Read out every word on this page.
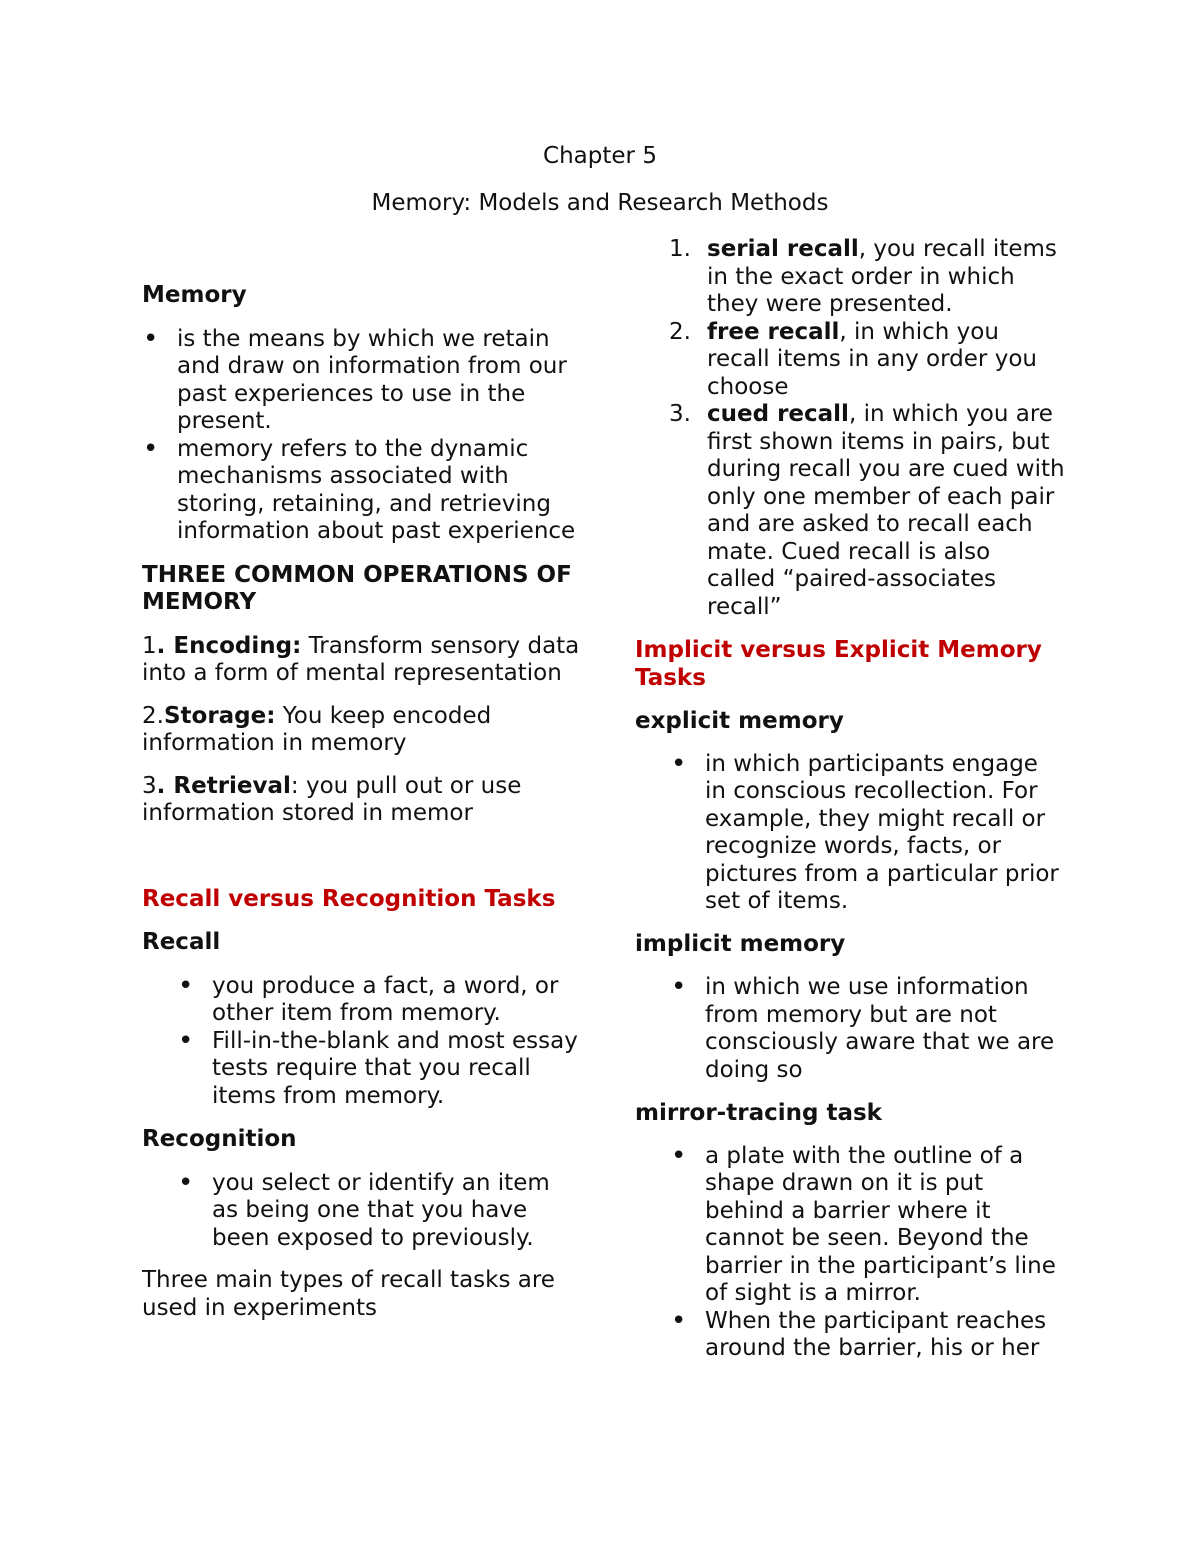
Chapter 5
Memory: Models and Research Methods

Memory

• is the means by which we retain and draw on information from our past experiences to use in the present.
• memory refers to the dynamic mechanisms associated with storing, retaining, and retrieving information about past experience

THREE COMMON OPERATIONS OF MEMORY

1. Encoding: Transform sensory data into a form of mental representation

2.Storage: You keep encoded information in memory

3. Retrieval: you pull out or use information stored in memor

Recall versus Recognition Tasks

Recall

• you produce a fact, a word, or other item from memory.
• Fill-in-the-blank and most essay tests require that you recall items from memory.

Recognition

• you select or identify an item as being one that you have been exposed to previously.

Three main types of recall tasks are used in experiments

1. serial recall, you recall items in the exact order in which they were presented.
2. free recall, in which you recall items in any order you choose
3. cued recall, in which you are first shown items in pairs, but during recall you are cued with only one member of each pair and are asked to recall each mate. Cued recall is also called “paired-associates recall”

Implicit versus Explicit Memory Tasks

explicit memory

• in which participants engage in conscious recollection. For example, they might recall or recognize words, facts, or pictures from a particular prior set of items.

implicit memory

• in which we use information from memory but are not consciously aware that we are doing so

mirror-tracing task

• a plate with the outline of a shape drawn on it is put behind a barrier where it cannot be seen. Beyond the barrier in the participant’s line of sight is a mirror.
• When the participant reaches around the barrier, his or her
